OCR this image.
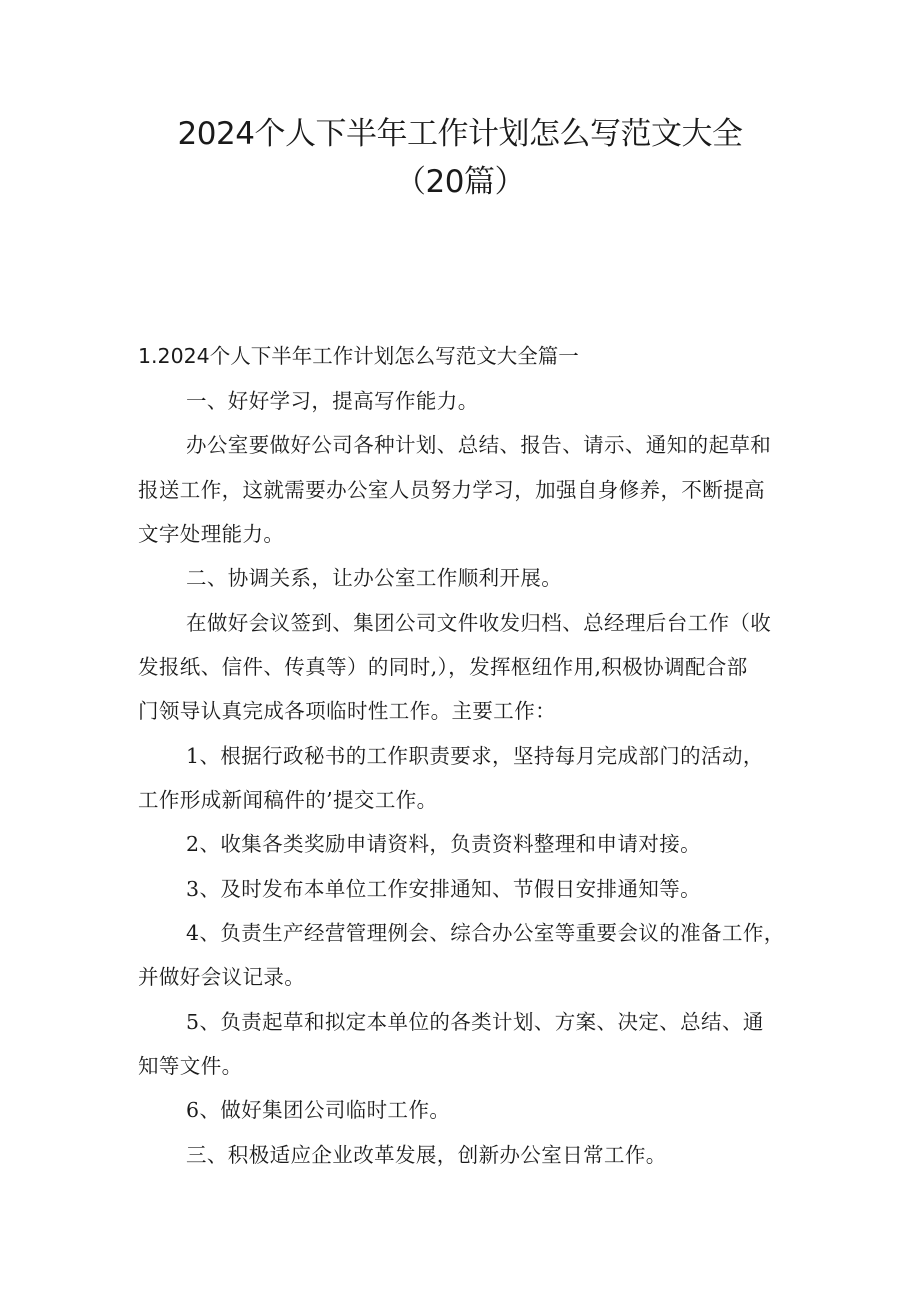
2024个人下半年工作计划怎么写范文大全
（20篇）
1.2024个人下半年工作计划怎么写范文大全篇一
一、好好学习，提高写作能力。
办公室要做好公司各种计划、总结、报告、请示、通知的起草和
报送工作，这就需要办公室人员努力学习，加强自身修养，不断提高
文字处理能力。
二、协调关系，让办公室工作顺利开展。
在做好会议签到、集团公司文件收发归档、总经理后台工作（收
发报纸、信件、传真等）的同时,），发挥枢纽作用,积极协调配合部
门领导认真完成各项临时性工作。主要工作：
1、根据行政秘书的工作职责要求，坚持每月完成部门的活动，
工作形成新闻稿件的’提交工作。
2、收集各类奖励申请资料，负责资料整理和申请对接。
3、及时发布本单位工作安排通知、节假日安排通知等。
4、负责生产经营管理例会、综合办公室等重要会议的准备工作，
并做好会议记录。
5、负责起草和拟定本单位的各类计划、方案、决定、总结、通
知等文件。
6、做好集团公司临时工作。
三、积极适应企业改革发展，创新办公室日常工作。
